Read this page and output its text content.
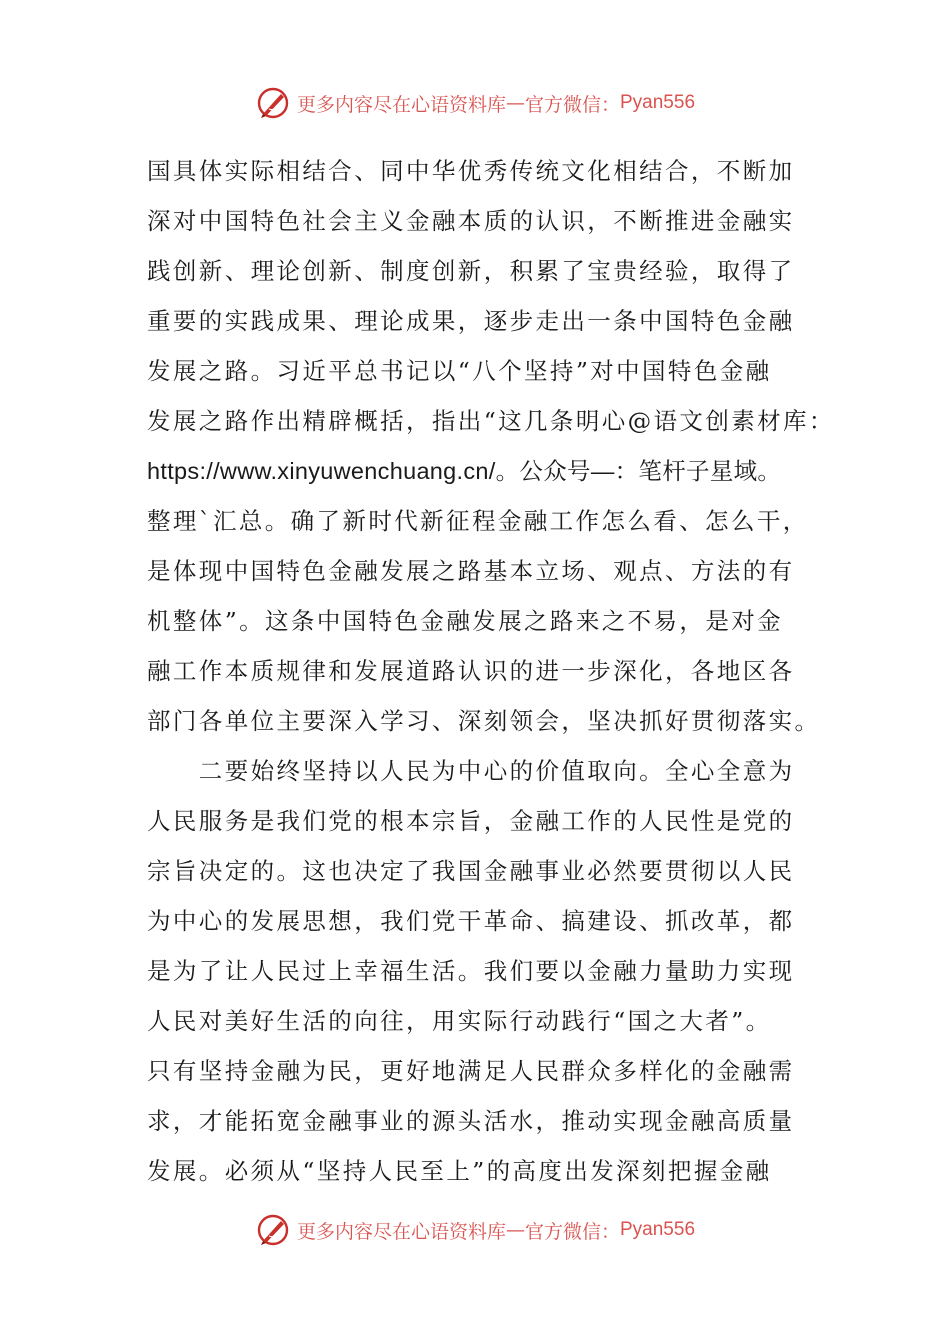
更多内容尽在心语资料库 — 官方微信： Pyan556
国具体实际相结合、同中华优秀传统文化相结合，不断加
深对中国特色社会主义金融本质的认识，不断推进金融实
践创新、理论创新、制度创新，积累了宝贵经验，取得了
重要的实践成果、理论成果，逐步走出一条中国特色金融
发展之路。习近平总书记以“八个坚持”对中国特色金融
发展之路作出精辟概括，指出“这几条明心@语文创素材库：
https://www.xinyuwenchuang.cn/。公众号—：笔杆子星域。
整理`汇总。确了新时代新征程金融工作怎么看、怎么干，
是体现中国特色金融发展之路基本立场、观点、方法的有
机整体”。这条中国特色金融发展之路来之不易，是对金
融工作本质规律和发展道路认识的进一步深化，各地区各
部门各单位主要深入学习、深刻领会，坚决抓好贯彻落实。
　　二要始终坚持以人民为中心的价值取向。全心全意为
人民服务是我们党的根本宗旨，金融工作的人民性是党的
宗旨决定的。这也决定了我国金融事业必然要贯彻以人民
为中心的发展思想，我们党干革命、搞建设、抓改革，都
是为了让人民过上幸福生活。我们要以金融力量助力实现
人民对美好生活的向往，用实际行动践行“国之大者”。
只有坚持金融为民，更好地满足人民群众多样化的金融需
求，才能拓宽金融事业的源头活水，推动实现金融高质量
发展。必须从“坚持人民至上”的高度出发深刻把握金融
更多内容尽在心语资料库 — 官方微信： Pyan556
